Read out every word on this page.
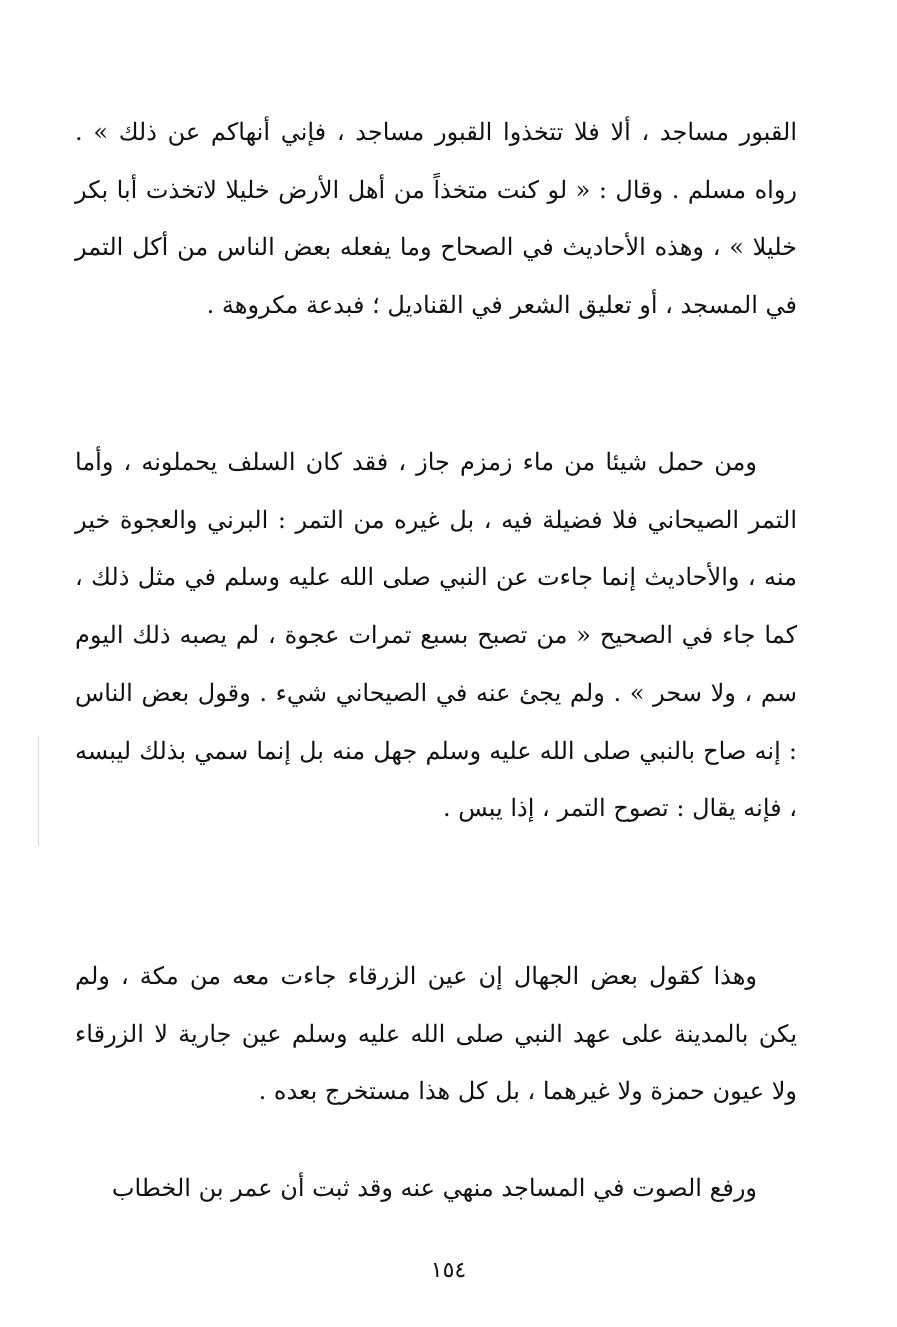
القبور مساجد ، ألا فلا تتخذوا القبور مساجد ، فإني أنهاكم عن ذلك » . رواه مسلم . وقال : « لو كنت متخذاً من أهل الأرض خليلا لاتخذت أبا بكر خليلا » ، وهذه الأحاديث في الصحاح وما يفعله بعض الناس من أكل التمر في المسجد ، أو تعليق الشعر في القناديل ؛ فبدعة مكروهة .

ومن حمل شيئا من ماء زمزم جاز ، فقد كان السلف يحملونه ، وأما التمر الصيحاني فلا فضيلة فيه ، بل غيره من التمر : البرني والعجوة خير منه ، والأحاديث إنما جاءت عن النبي صلى الله عليه وسلم في مثل ذلك ، كما جاء في الصحيح « من تصبح بسبع تمرات عجوة ، لم يصبه ذلك اليوم سم ، ولا سحر » . ولم يجئ عنه في الصيحاني شيء . وقول بعض الناس : إنه صاح بالنبي صلى الله عليه وسلم جهل منه بل إنما سمي بذلك ليبسه ، فإنه يقال : تصوح التمر ، إذا يبس .

وهذا كقول بعض الجهال إن عين الزرقاء جاءت معه من مكة ، ولم يكن بالمدينة على عهد النبي صلى الله عليه وسلم عين جارية لا الزرقاء ولا عيون حمزة ولا غيرهما ، بل كل هذا مستخرج بعده .

ورفع الصوت في المساجد منهي عنه وقد ثبت أن عمر بن الخطاب

١٥٤
